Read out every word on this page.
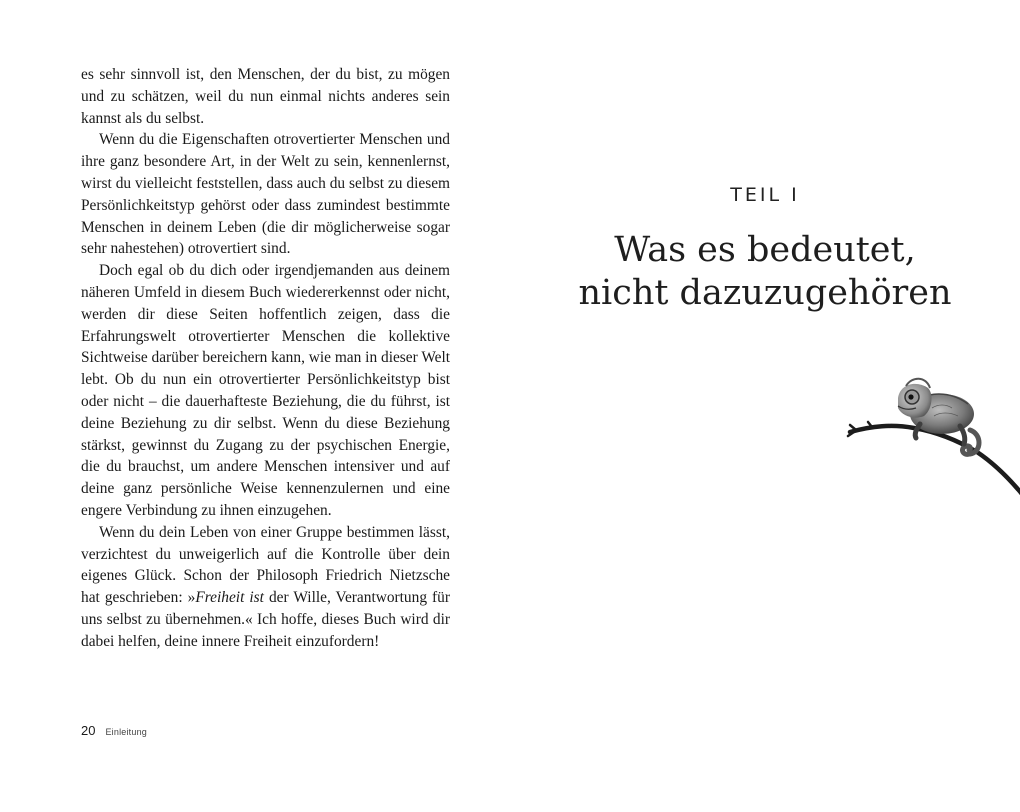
es sehr sinnvoll ist, den Menschen, der du bist, zu mögen und zu schätzen, weil du nun einmal nichts anderes sein kannst als du selbst.

Wenn du die Eigenschaften otrovertierter Menschen und ihre ganz besondere Art, in der Welt zu sein, kennenlernst, wirst du vielleicht feststellen, dass auch du selbst zu diesem Persönlichkeitstyp gehörst oder dass zumindest bestimmte Menschen in deinem Leben (die dir möglicherweise sogar sehr nahestehen) otrovertiert sind.

Doch egal ob du dich oder irgendjemanden aus deinem näheren Umfeld in diesem Buch wiedererkennst oder nicht, werden dir diese Seiten hoffentlich zeigen, dass die Erfahrungswelt otrovertierter Menschen die kollektive Sichtweise darüber bereichern kann, wie man in dieser Welt lebt. Ob du nun ein otrovertierter Persönlichkeitstyp bist oder nicht – die dauerhafteste Beziehung, die du führst, ist deine Beziehung zu dir selbst. Wenn du diese Beziehung stärkst, gewinnst du Zugang zu der psychischen Energie, die du brauchst, um andere Menschen intensiver und auf deine ganz persönliche Weise kennenzulernen und eine engere Verbindung zu ihnen einzugehen.

Wenn du dein Leben von einer Gruppe bestimmen lässt, verzichtest du unweigerlich auf die Kontrolle über dein eigenes Glück. Schon der Philosoph Friedrich Nietzsche hat geschrieben: »Freiheit ist der Wille, Verantwortung für uns selbst zu übernehmen.« Ich hoffe, dieses Buch wird dir dabei helfen, deine innere Freiheit einzufordern!

20 Einleitung
TEIL I
Was es bedeutet,
nicht dazuzugehören
